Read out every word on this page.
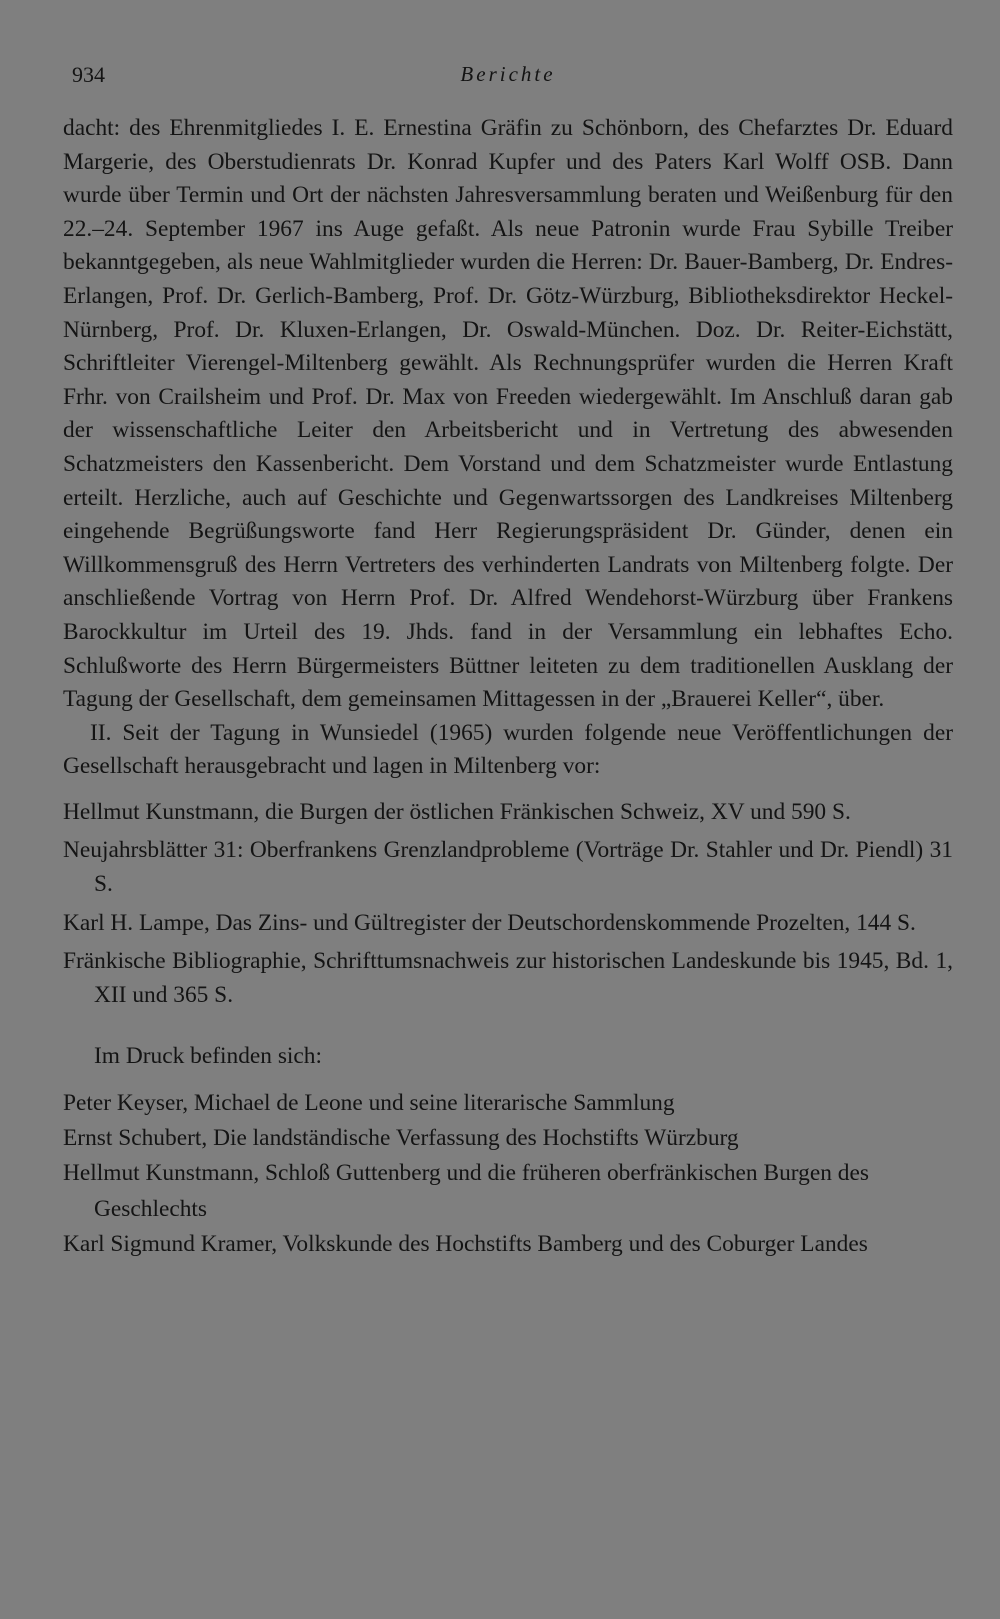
934	Berichte

dacht: des Ehrenmitgliedes I. E. Ernestina Gräfin zu Schönborn, des Chefarztes Dr. Eduard Margerie, des Oberstudienrats Dr. Konrad Kupfer und des Paters Karl Wolff OSB. Dann wurde über Termin und Ort der nächsten Jahresversammlung beraten und Weißenburg für den 22.–24. September 1967 ins Auge gefaßt. Als neue Patronin wurde Frau Sybille Treiber bekanntgegeben, als neue Wahlmitglieder wurden die Herren: Dr. Bauer-Bamberg, Dr. Endres-Erlangen, Prof. Dr. Gerlich-Bamberg, Prof. Dr. Götz-Würzburg, Bibliotheksdirektor Heckel-Nürnberg, Prof. Dr. Kluxen-Erlangen, Dr. Oswald-München. Doz. Dr. Reiter-Eichstätt, Schriftleiter Vierengel-Miltenberg gewählt. Als Rechnungsprüfer wurden die Herren Kraft Frhr. von Crailsheim und Prof. Dr. Max von Freeden wiedergewählt. Im Anschluß daran gab der wissenschaftliche Leiter den Arbeitsbericht und in Vertretung des abwesenden Schatzmeisters den Kassenbericht. Dem Vorstand und dem Schatzmeister wurde Entlastung erteilt. Herzliche, auch auf Geschichte und Gegenwartssorgen des Landkreises Miltenberg eingehende Begrüßungsworte fand Herr Regierungspräsident Dr. Günder, denen ein Willkommensgruß des Herrn Vertreters des verhinderten Landrats von Miltenberg folgte. Der anschließende Vortrag von Herrn Prof. Dr. Alfred Wendehorst-Würzburg über Frankens Barockkultur im Urteil des 19. Jhds. fand in der Versammlung ein lebhaftes Echo. Schlußworte des Herrn Bürgermeisters Büttner leiteten zu dem traditionellen Ausklang der Tagung der Gesellschaft, dem gemeinsamen Mittagessen in der „Brauerei Keller“, über.

II. Seit der Tagung in Wunsiedel (1965) wurden folgende neue Veröffentlichungen der Gesellschaft herausgebracht und lagen in Miltenberg vor:

Hellmut Kunstmann, die Burgen der östlichen Fränkischen Schweiz, XV und 590 S.

Neujahrsblätter 31: Oberfrankens Grenzlandprobleme (Vorträge Dr. Stahler und Dr. Piendl) 31 S.

Karl H. Lampe, Das Zins- und Gültregister der Deutschordenskommende Prozelten, 144 S.

Fränkische Bibliographie, Schrifttumsnachweis zur historischen Landeskunde bis 1945, Bd. 1, XII und 365 S.

Im Druck befinden sich:

Peter Keyser, Michael de Leone und seine literarische Sammlung

Ernst Schubert, Die landständische Verfassung des Hochstifts Würzburg

Hellmut Kunstmann, Schloß Guttenberg und die früheren oberfränkischen Burgen des Geschlechts

Karl Sigmund Kramer, Volkskunde des Hochstifts Bamberg und des Coburger Landes
